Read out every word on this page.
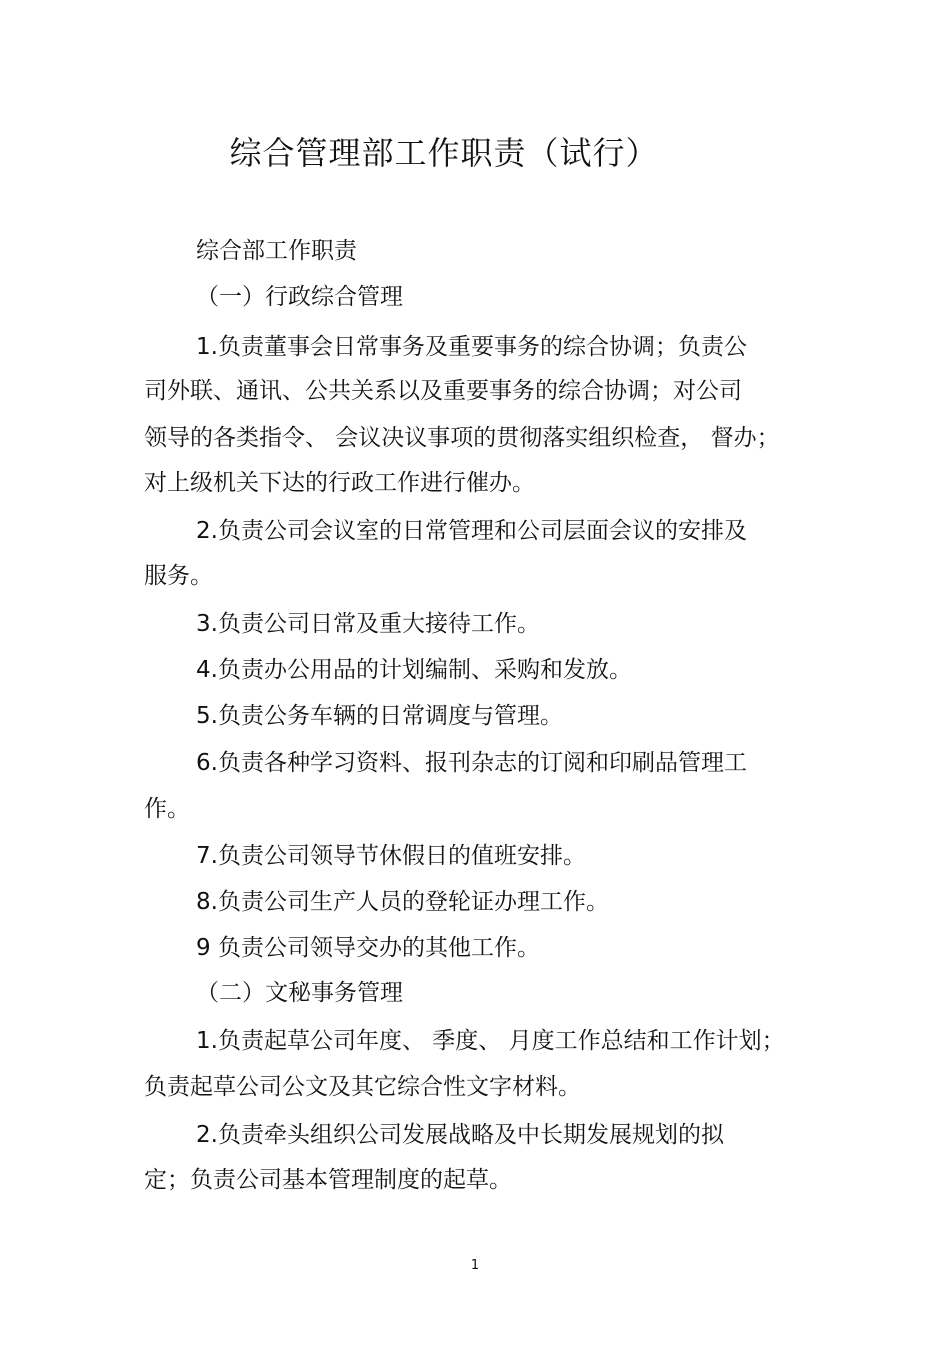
综合管理部工作职责（试行）

综合部工作职责

（一）行政综合管理

1.负责董事会日常事务及重要事务的综合协调；负责公

司外联、通讯、公共关系以及重要事务的综合协调；对公司

领导的各类指令、 会议决议事项的贯彻落实组织检查， 督办；

对上级机关下达的行政工作进行催办。

2.负责公司会议室的日常管理和公司层面会议的安排及

服务。

3.负责公司日常及重大接待工作。

4.负责办公用品的计划编制、采购和发放。

5.负责公务车辆的日常调度与管理。

6.负责各种学习资料、报刊杂志的订阅和印刷品管理工

作。

7.负责公司领导节休假日的值班安排。

8.负责公司生产人员的登轮证办理工作。

9 负责公司领导交办的其他工作。

（二）文秘事务管理

1.负责起草公司年度、 季度、 月度工作总结和工作计划；

负责起草公司公文及其它综合性文字材料。

2.负责牵头组织公司发展战略及中长期发展规划的拟

定；负责公司基本管理制度的起草。

1
